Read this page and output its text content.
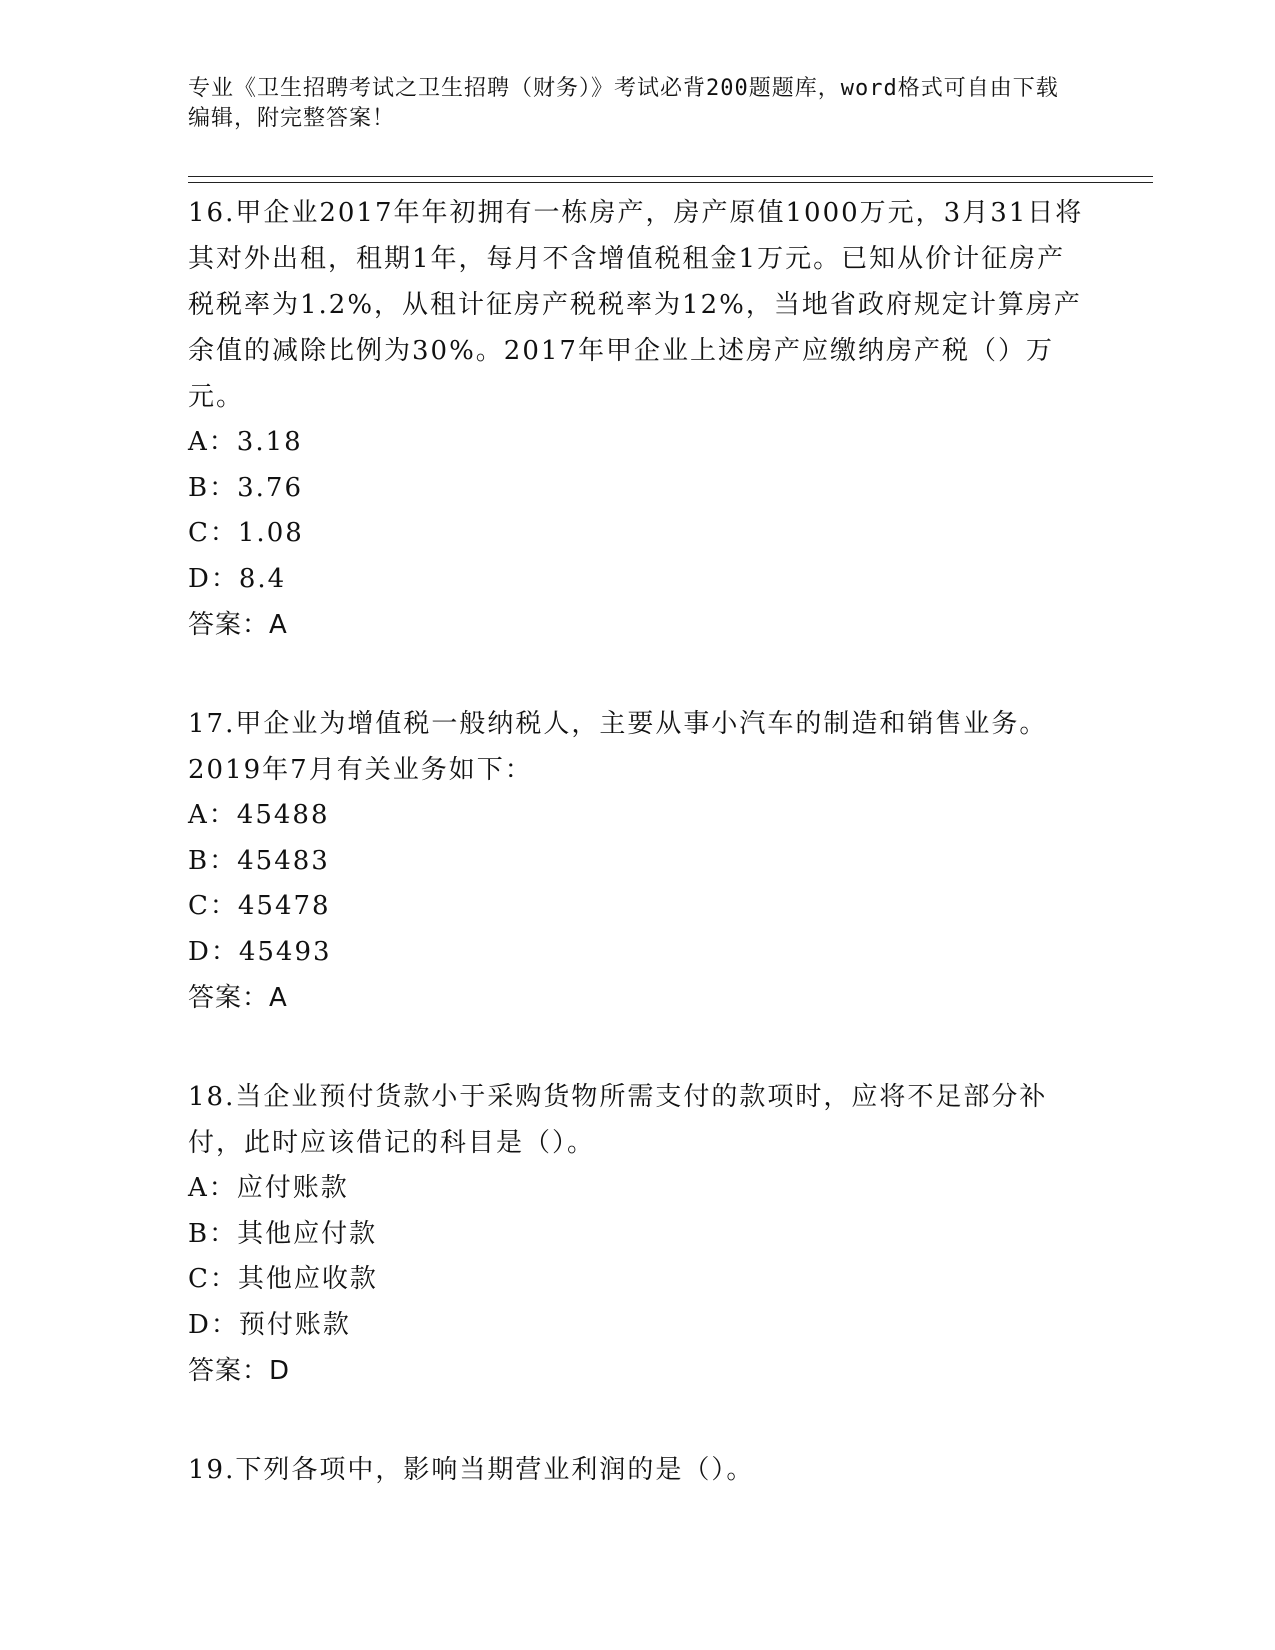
专业《卫生招聘考试之卫生招聘（财务）》考试必背200题题库，word格式可自由下载编辑，附完整答案！
16.甲企业2017年年初拥有一栋房产，房产原值1000万元，3月31日将其对外出租，租期1年，每月不含增值税租金1万元。已知从价计征房产税税率为1.2%，从租计征房产税税率为12%，当地省政府规定计算房产余值的减除比例为30%。2017年甲企业上述房产应缴纳房产税（）万元。
A：3.18
B：3.76
C：1.08
D：8.4
答案：A
17.甲企业为增值税一般纳税人，主要从事小汽车的制造和销售业务。2019年7月有关业务如下：
A：45488
B：45483
C：45478
D：45493
答案：A
18.当企业预付货款小于采购货物所需支付的款项时，应将不足部分补付，此时应该借记的科目是（）。
A：应付账款
B：其他应付款
C：其他应收款
D：预付账款
答案：D
19.下列各项中，影响当期营业利润的是（）。
